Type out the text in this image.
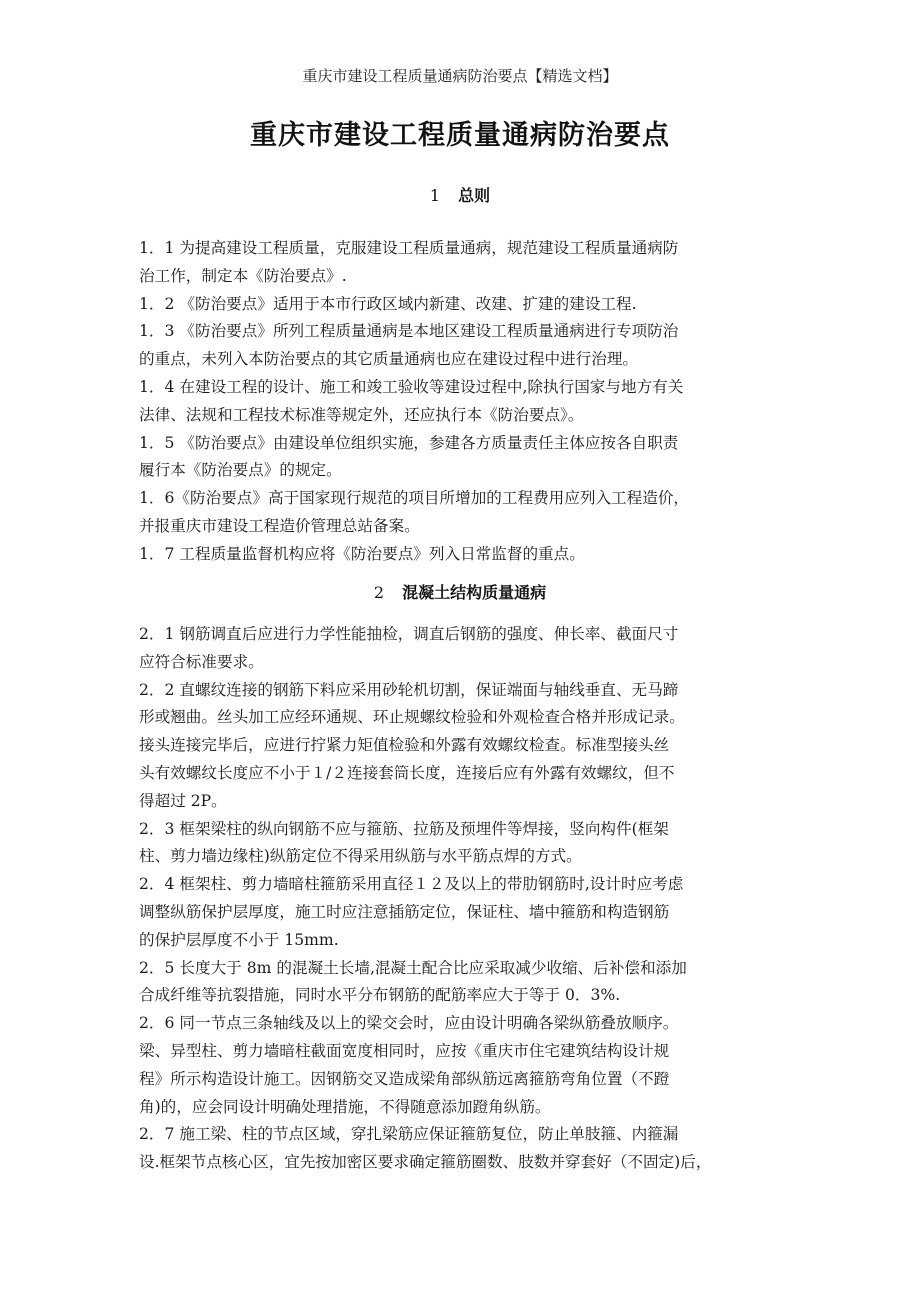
重庆市建设工程质量通病防治要点【精选文档】
重庆市建设工程质量通病防治要点
1 总则

1．1 为提高建设工程质量，克服建设工程质量通病，规范建设工程质量通病防

治工作，制定本《防治要点》.

1．2 《防治要点》适用于本市行政区域内新建、改建、扩建的建设工程.

1．3 《防治要点》所列工程质量通病是本地区建设工程质量通病进行专项防治

的重点，未列入本防治要点的其它质量通病也应在建设过程中进行治理。

1．4 在建设工程的设计、施工和竣工验收等建设过程中,除执行国家与地方有关

法律、法规和工程技术标准等规定外，还应执行本《防治要点》。

1．5 《防治要点》由建设单位组织实施，参建各方质量责任主体应按各自职责

履行本《防治要点》的规定。

1．6《防治要点》高于国家现行规范的项目所增加的工程费用应列入工程造价，

并报重庆市建设工程造价管理总站备案。

1．7 工程质量监督机构应将《防治要点》列入日常监督的重点。

2 混凝土结构质量通病

2．1 钢筋调直后应进行力学性能抽检，调直后钢筋的强度、伸长率、截面尺寸

应符合标准要求。

2．2 直螺纹连接的钢筋下料应采用砂轮机切割，保证端面与轴线垂直、无马蹄

形或翘曲。丝头加工应经环通规、环止规螺纹检验和外观检查合格并形成记录。

接头连接完毕后，应进行拧紧力矩值检验和外露有效螺纹检查。标准型接头丝

头有效螺纹长度应不小于１/２连接套筒长度，连接后应有外露有效螺纹，但不

得超过 2P。

2．3 框架梁柱的纵向钢筋不应与箍筋、拉筋及预埋件等焊接，竖向构件(框架

柱、剪力墙边缘柱)纵筋定位不得采用纵筋与水平筋点焊的方式。

2．4 框架柱、剪力墙暗柱箍筋采用直径１２及以上的带肋钢筋时,设计时应考虑

调整纵筋保护层厚度，施工时应注意插筋定位，保证柱、墙中箍筋和构造钢筋

的保护层厚度不小于 15mm.

2．5 长度大于 8m 的混凝土长墙,混凝土配合比应采取减少收缩、后补偿和添加

合成纤维等抗裂措施，同时水平分布钢筋的配筋率应大于等于 0．3%.

2．6 同一节点三条轴线及以上的梁交会时，应由设计明确各梁纵筋叠放顺序。

梁、异型柱、剪力墙暗柱截面宽度相同时，应按《重庆市住宅建筑结构设计规

程》所示构造设计施工。因钢筋交叉造成梁角部纵筋远离箍筋弯角位置（不蹬

角)的，应会同设计明确处理措施，不得随意添加蹬角纵筋。

2．7 施工梁、柱的节点区域，穿扎梁筋应保证箍筋复位，防止单肢箍、内箍漏

设.框架节点核心区，宜先按加密区要求确定箍筋圈数、肢数并穿套好（不固定)后，
